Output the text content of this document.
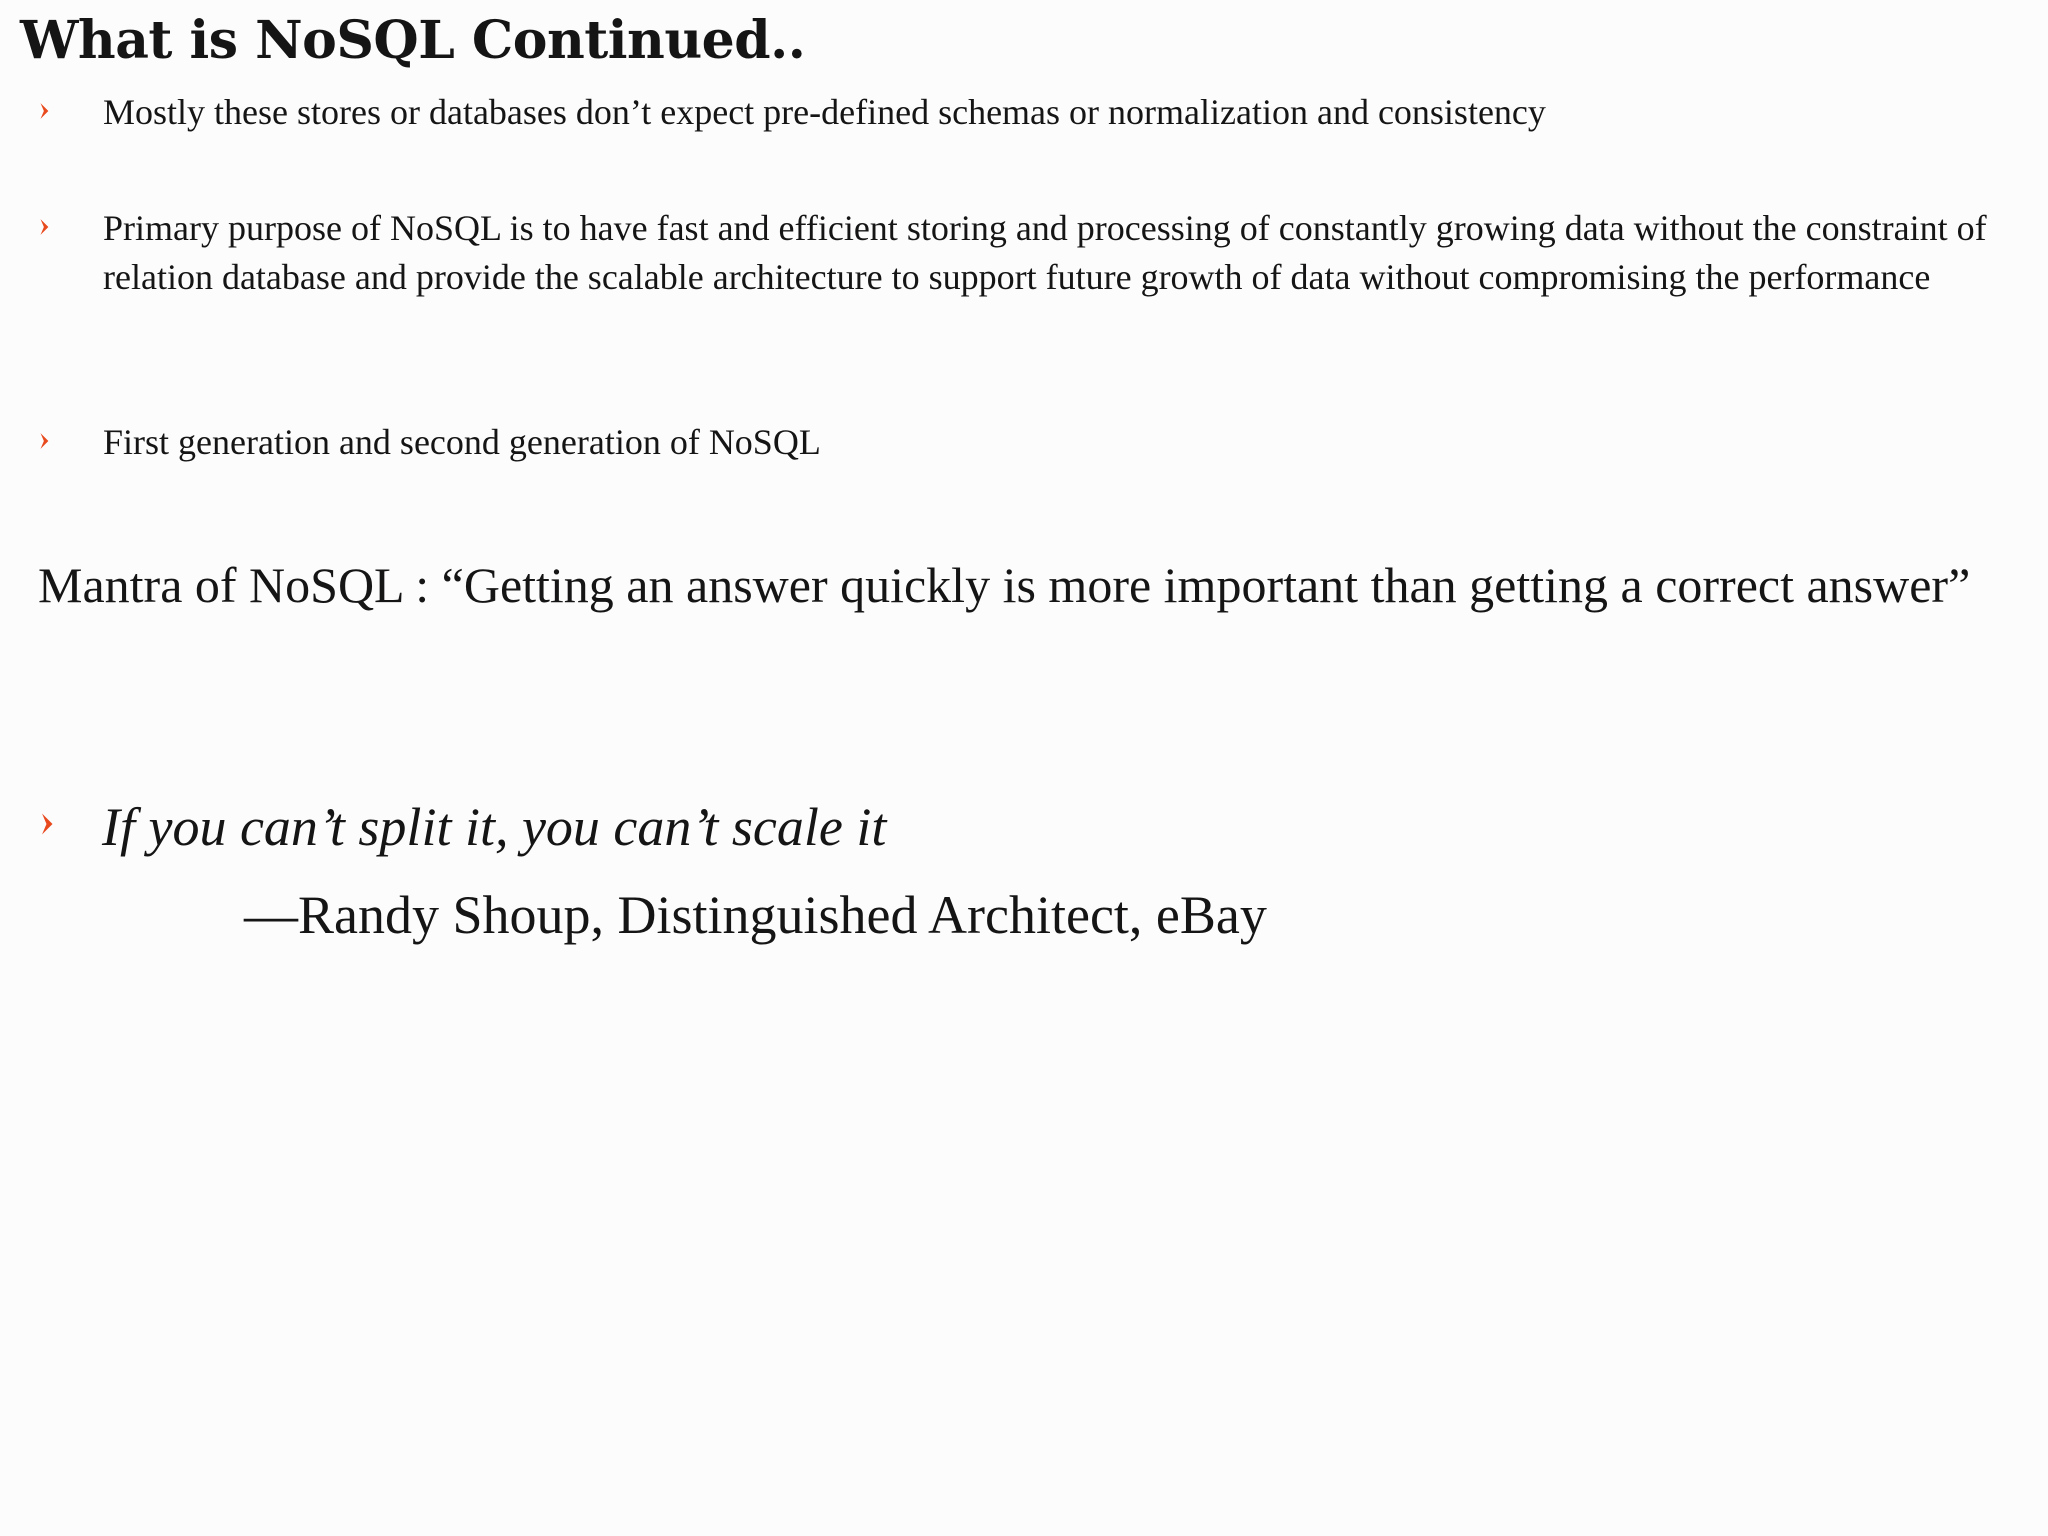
What is NoSQL Continued..
Mostly these stores or databases don’t expect pre-defined schemas or normalization and consistency
Primary purpose of NoSQL is to have fast and efficient storing and processing of constantly growing data without the constraint of relation database and provide the scalable architecture to support future growth of data without compromising the performance
First generation and second generation of NoSQL
Mantra of NoSQL : “Getting an answer quickly is more important than getting a correct answer”
If you can’t split it, you can’t scale it
—Randy Shoup, Distinguished Architect, eBay
